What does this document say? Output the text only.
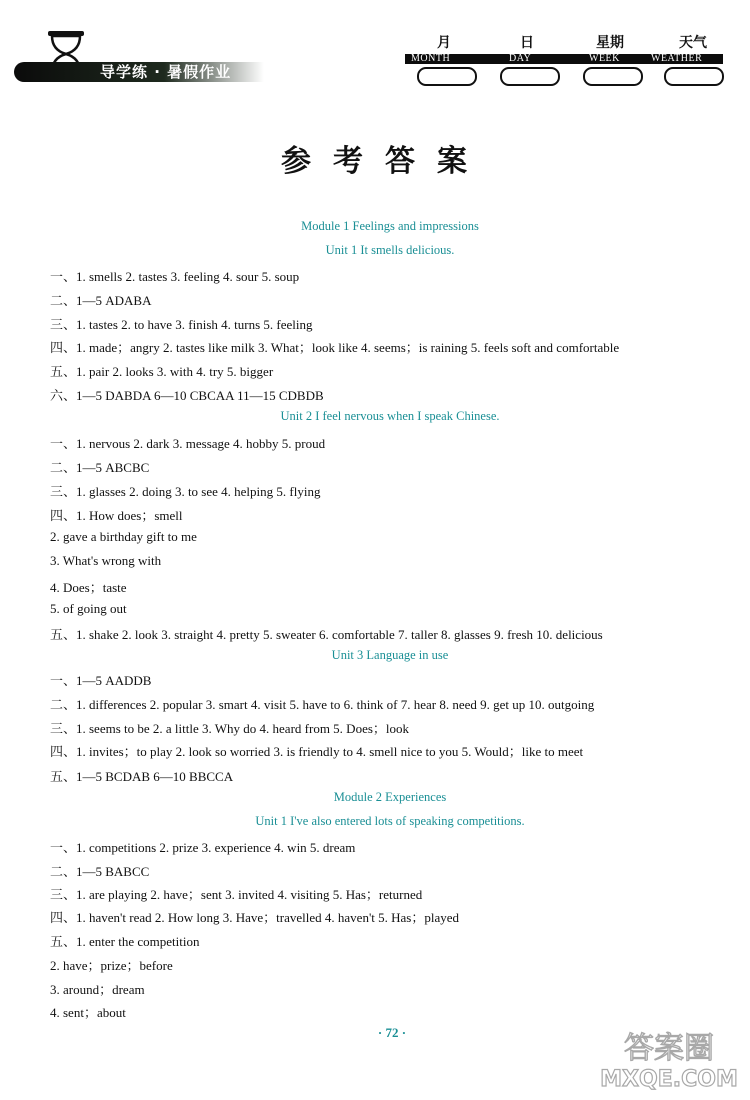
导学练 · 暑假作业
月	日	星期	天气
MONTH	DAY	WEEK	WEATHER
参考答案
Module 1 Feelings and impressions
Unit 1 It smells delicious.
一、1. smells 2. tastes 3. feeling 4. sour 5. soup
二、1—5 ADABA
三、1. tastes 2. to have 3. finish 4. turns 5. feeling
四、1. made；angry 2. tastes like milk 3. What；look like 4. seems；is raining 5. feels soft and comfortable
五、1. pair 2. looks 3. with 4. try 5. bigger
六、1—5 DABDA 6—10 CBCAA 11—15 CDBDB
Unit 2 I feel nervous when I speak Chinese.
一、1. nervous 2. dark 3. message 4. hobby 5. proud
二、1—5 ABCBC
三、1. glasses 2. doing 3. to see 4. helping 5. flying
四、1. How does；smell
2. gave a birthday gift to me
3. What's wrong with
4. Does；taste
5. of going out
五、1. shake 2. look 3. straight 4. pretty 5. sweater 6. comfortable 7. taller 8. glasses 9. fresh 10. delicious
Unit 3 Language in use
一、1—5 AADDB
二、1. differences 2. popular 3. smart 4. visit 5. have to 6. think of 7. hear 8. need 9. get up 10. outgoing
三、1. seems to be 2. a little 3. Why do 4. heard from 5. Does；look
四、1. invites；to play 2. look so worried 3. is friendly to 4. smell nice to you 5. Would；like to meet
五、1—5 BCDAB 6—10 BBCCA
Module 2 Experiences
Unit 1 I've also entered lots of speaking competitions.
一、1. competitions 2. prize 3. experience 4. win 5. dream
二、1—5 BABCC
三、1. are playing 2. have；sent 3. invited 4. visiting 5. Has；returned
四、1. haven't read 2. How long 3. Have；travelled 4. haven't 5. Has；played
五、1. enter the competition
2. have；prize；before
3. around；dream
4. sent；about
· 72 ·	答案圈
MXQE.COM
